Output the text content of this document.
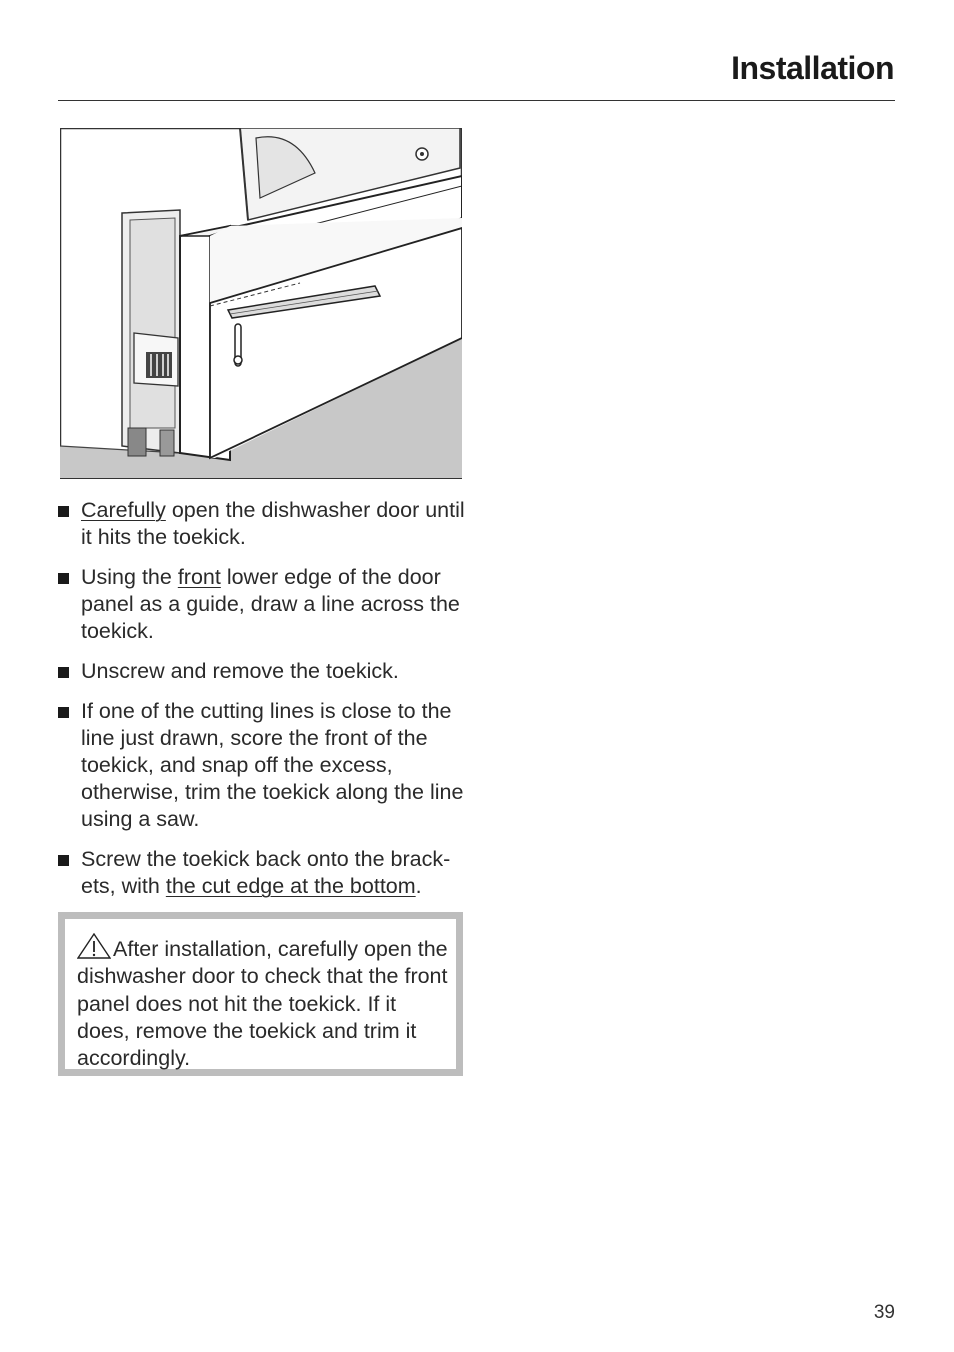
Installation
Carefully open the dishwasher door until it hits the toekick.
Using the front lower edge of the door panel as a guide, draw a line across the toekick.
Unscrew and remove the toekick.
If one of the cutting lines is close to the line just drawn, score the front of the toekick, and snap off the excess, otherwise, trim the toekick along the line using a saw.
Screw the toekick back onto the brack-ets, with the cut edge at the bottom.
After installation, carefully open the dishwasher door to check that the front panel does not hit the toekick. If it does, remove the toekick and trim it accordingly.
39
